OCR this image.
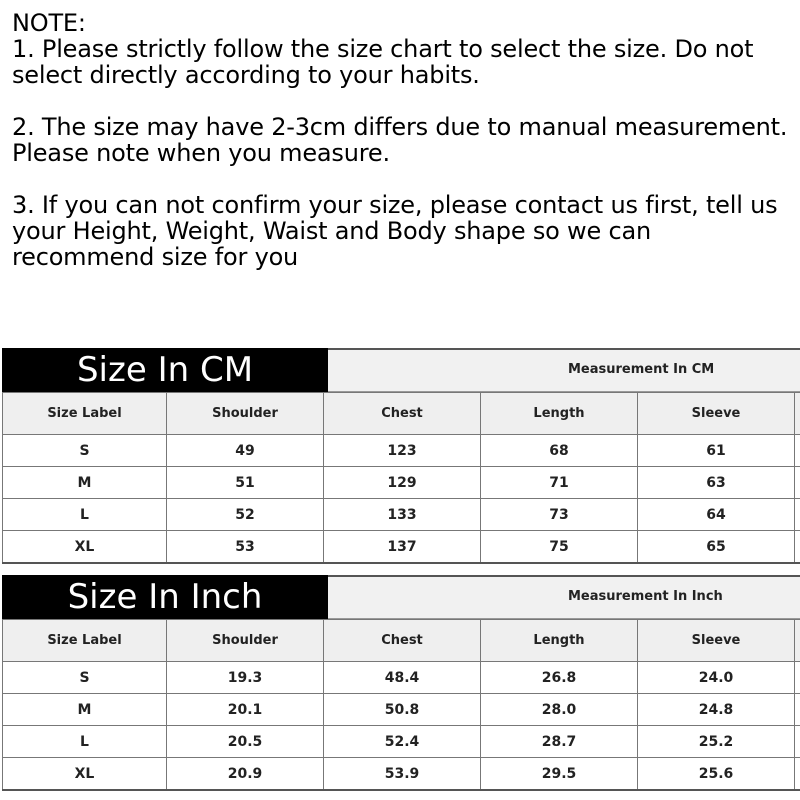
NOTE:
1. Please strictly follow the size chart to select the size. Do not select directly according to your habits.
2. The size may have 2-3cm differs due to manual measurement. Please note when you measure.
3. If you can not confirm your size, please contact us first, tell us your Height, Weight, Waist and Body shape so we can recommend size for you
Size In CM	Measurement In CM
Size Label	Shoulder	Chest	Length	Sleeve	
S	49	123	68	61	
M	51	129	71	63	
L	52	133	73	64	
XL	53	137	75	65	
Size In Inch	Measurement In Inch
Size Label	Shoulder	Chest	Length	Sleeve	
S	19.3	48.4	26.8	24.0	
M	20.1	50.8	28.0	24.8	
L	20.5	52.4	28.7	25.2	
XL	20.9	53.9	29.5	25.6	
